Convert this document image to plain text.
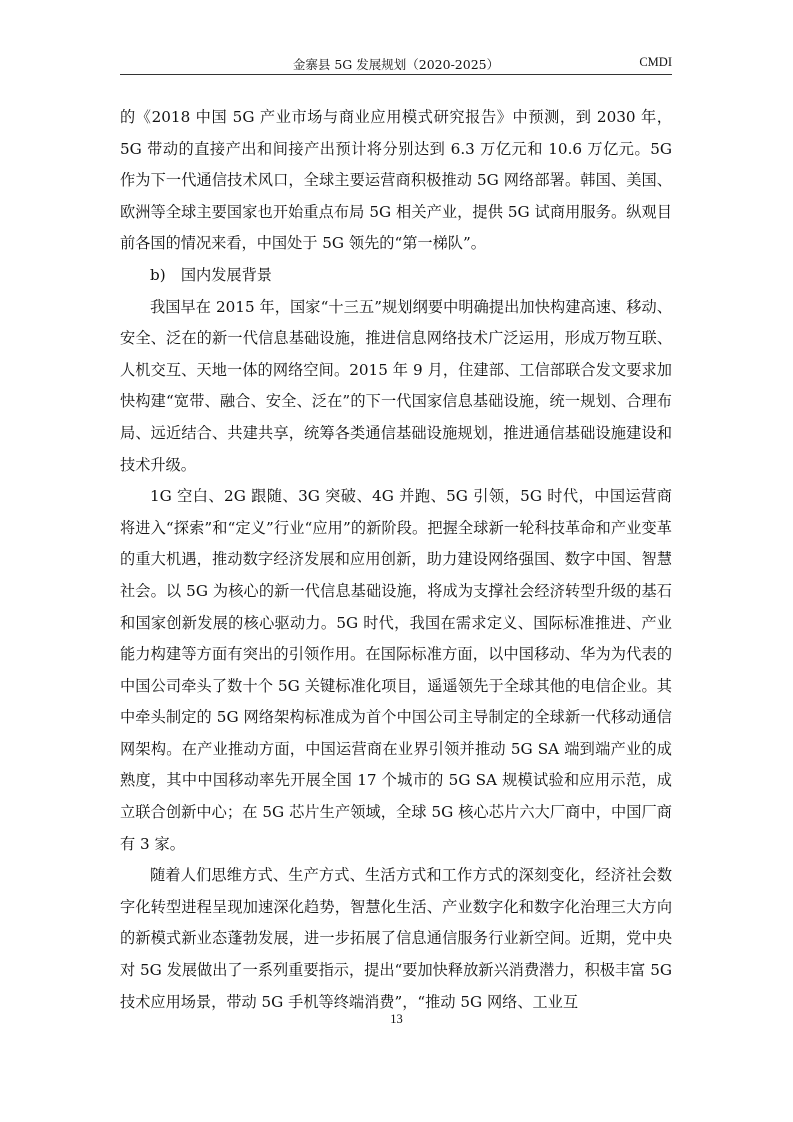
金寨县 5G 发展规划（2020-2025）	CMDI

的《2018 中国 5G 产业市场与商业应用模式研究报告》中预测，到 2030 年，5G 带动的直接产出和间接产出预计将分别达到 6.3 万亿元和 10.6 万亿元。5G 作为下一代通信技术风口，全球主要运营商积极推动 5G 网络部署。韩国、美国、欧洲等全球主要国家也开始重点布局 5G 相关产业，提供 5G 试商用服务。纵观目前各国的情况来看，中国处于 5G 领先的“第一梯队”。

b)　国内发展背景

我国早在 2015 年，国家“十三五”规划纲要中明确提出加快构建高速、移动、安全、泛在的新一代信息基础设施，推进信息网络技术广泛运用，形成万物互联、人机交互、天地一体的网络空间。2015 年 9 月，住建部、工信部联合发文要求加快构建“宽带、融合、安全、泛在”的下一代国家信息基础设施，统一规划、合理布局、远近结合、共建共享，统筹各类通信基础设施规划，推进通信基础设施建设和技术升级。

1G 空白、2G 跟随、3G 突破、4G 并跑、5G 引领，5G 时代，中国运营商将进入“探索”和“定义”行业“应用”的新阶段。把握全球新一轮科技革命和产业变革的重大机遇，推动数字经济发展和应用创新，助力建设网络强国、数字中国、智慧社会。以 5G 为核心的新一代信息基础设施，将成为支撑社会经济转型升级的基石和国家创新发展的核心驱动力。5G 时代，我国在需求定义、国际标准推进、产业能力构建等方面有突出的引领作用。在国际标准方面，以中国移动、华为为代表的中国公司牵头了数十个 5G 关键标准化项目，遥遥领先于全球其他的电信企业。其中牵头制定的 5G 网络架构标准成为首个中国公司主导制定的全球新一代移动通信网架构。在产业推动方面，中国运营商在业界引领并推动 5G SA 端到端产业的成熟度，其中中国移动率先开展全国 17 个城市的 5G SA 规模试验和应用示范，成立联合创新中心；在 5G 芯片生产领域，全球 5G 核心芯片六大厂商中，中国厂商有 3 家。

随着人们思维方式、生产方式、生活方式和工作方式的深刻变化，经济社会数字化转型进程呈现加速深化趋势，智慧化生活、产业数字化和数字化治理三大方向的新模式新业态蓬勃发展，进一步拓展了信息通信服务行业新空间。近期，党中央对 5G 发展做出了一系列重要指示，提出“要加快释放新兴消费潜力，积极丰富 5G 技术应用场景，带动 5G 手机等终端消费”，“推动 5G 网络、工业互

13
